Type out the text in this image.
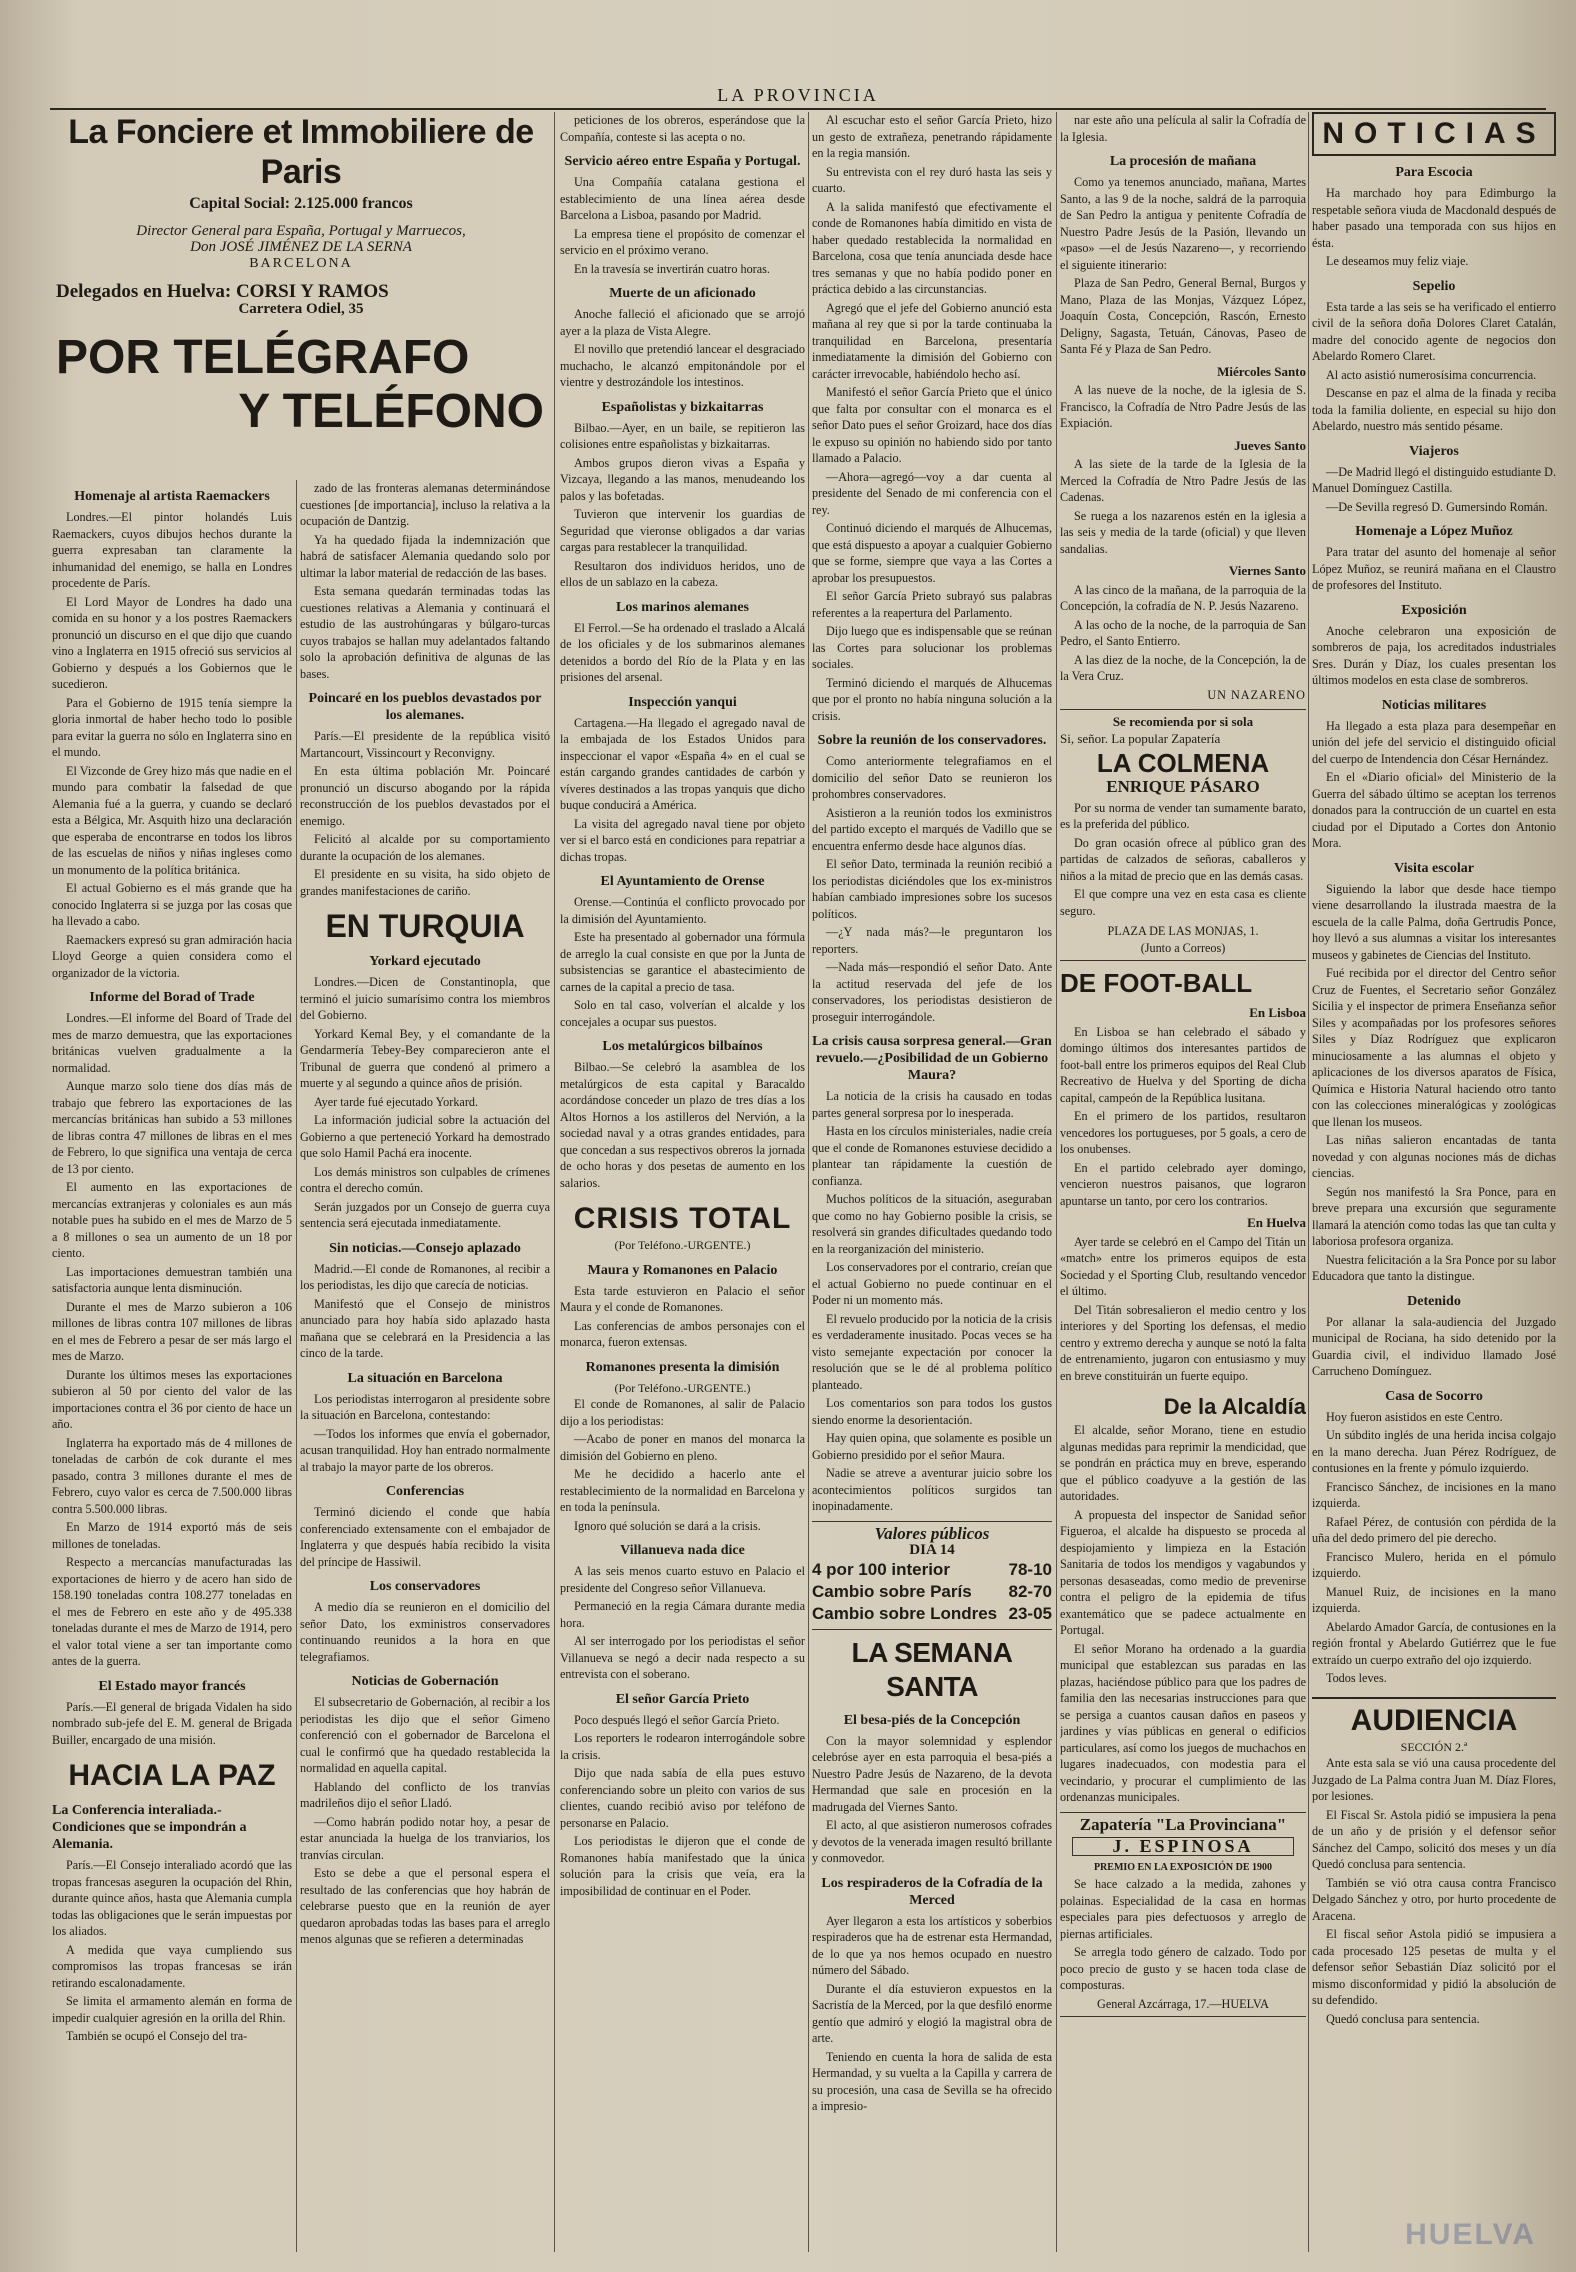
LA PROVINCIA
La Fonciere et Immobiliere de Paris
Capital Social: 2.125.000 francos
Director General para España, Portugal y Marruecos,
Don JOSÉ JIMÉNEZ DE LA SERNA
BARCELONA
Delegados en Huelva: CORSI Y RAMOS
Carretera Odiel, 35
POR TELÉGRAFO
Y TELÉFONO
Homenaje al artista Raemackers

Londres.—El pintor holandés Luis Raemackers, cuyos dibujos hechos durante la guerra expresaban tan claramente la inhumanidad del enemigo, se halla en Londres procedente de París.

El Lord Mayor de Londres ha dado una comida en su honor y a los postres Raemackers pronunció un discurso en el que dijo que cuando vino a Inglaterra en 1915 ofreció sus servicios al Gobierno y después a los Gobiernos que le sucedieron.

Para el Gobierno de 1915 tenía siempre la gloria inmortal de haber hecho todo lo posible para evitar la guerra no sólo en Inglaterra sino en el mundo.

El Vizconde de Grey hizo más que nadie en el mundo para combatir la falsedad de que Alemania fué a la guerra, y cuando se declaró esta a Bélgica, Mr. Asquith hizo una declaración que esperaba de encontrarse en todos los libros de las escuelas de niños y niñas ingleses como un monumento de la política británica.

El actual Gobierno es el más grande que ha conocido Inglaterra si se juzga por las cosas que ha llevado a cabo.

Raemackers expresó su gran admiración hacia Lloyd George a quien considera como el organizador de la victoria.

Informe del Borad of Trade

Londres.—El informe del Board of Trade del mes de marzo demuestra, que las exportaciones británicas vuelven gradualmente a la normalidad.

Aunque marzo solo tiene dos días más de trabajo que febrero las exportaciones de las mercancías británicas han subido a 53 millones de libras contra 47 millones de libras en el mes de Febrero, lo que significa una ventaja de cerca de 13 por ciento.

El aumento en las exportaciones de mercancías extranjeras y coloniales es aun más notable pues ha subido en el mes de Marzo de 5 a 8 millones o sea un aumento de un 18 por ciento.

Las importaciones demuestran también una satisfactoria aunque lenta disminución.

Durante el mes de Marzo subieron a 106 millones de libras contra 107 millones de libras en el mes de Febrero a pesar de ser más largo el mes de Marzo.

Durante los últimos meses las exportaciones subieron al 50 por ciento del valor de las importaciones contra el 36 por ciento de hace un año.

Inglaterra ha exportado más de 4 millones de toneladas de carbón de cok durante el mes pasado, contra 3 millones durante el mes de Febrero, cuyo valor es cerca de 7.500.000 libras contra 5.500.000 libras.

En Marzo de 1914 exportó más de seis millones de toneladas.

Respecto a mercancías manufacturadas las exportaciones de hierro y de acero han sido de 158.190 toneladas contra 108.277 toneladas en el mes de Febrero en este año y de 495.338 toneladas durante el mes de Marzo de 1914, pero el valor total viene a ser tan importante como antes de la guerra.

El Estado mayor francés

París.—El general de brigada Vidalen ha sido nombrado sub-jefe del E. M. general de Brigada Builler, encargado de una misión.

HACIA LA PAZ
La Conferencia interaliada.-Condiciones que se impondrán a Alemania.

París.—El Consejo interaliado acordó que las tropas francesas aseguren la ocupación del Rhin, durante quince años, hasta que Alemania cumpla todas las obligaciones que le serán impuestas por los aliados.

A medida que vaya cumpliendo sus compromisos las tropas francesas se irán retirando escalonadamente.

Se limita el armamento alemán en forma de impedir cualquier agresión en la orilla del Rhin.

También se ocupó el Consejo del tra-

zado de las fronteras alemanas determinándose cuestiones [de importancia], incluso la relativa a la ocupación de Dantzig.

Ya ha quedado fijada la indemnización que habrá de satisfacer Alemania quedando solo por ultimar la labor material de redacción de las bases.

Esta semana quedarán terminadas todas las cuestiones relativas a Alemania y continuará el estudio de las austrohúngaras y búlgaro-turcas cuyos trabajos se hallan muy adelantados faltando solo la aprobación definitiva de algunas de las bases.

Poincaré en los pueblos devastados por los alemanes.

París.—El presidente de la república visitó Martancourt, Vissincourt y Reconvigny.

En esta última población Mr. Poincaré pronunció un discurso abogando por la rápida reconstrucción de los pueblos devastados por el enemigo.

Felicitó al alcalde por su comportamiento durante la ocupación de los alemanes.

El presidente en su visita, ha sido objeto de grandes manifestaciones de cariño.

EN TURQUIA
Yorkard ejecutado

Londres.—Dicen de Constantinopla, que terminó el juicio sumarísimo contra los miembros del Gobierno.

Yorkard Kemal Bey, y el comandante de la Gendarmería Tebey-Bey comparecieron ante el Tribunal de guerra que condenó al primero a muerte y al segundo a quince años de prisión.

Ayer tarde fué ejecutado Yorkard.

La información judicial sobre la actuación del Gobierno a que perteneció Yorkard ha demostrado que solo Hamil Pachá era inocente.

Los demás ministros son culpables de crímenes contra el derecho común.

Serán juzgados por un Consejo de guerra cuya sentencia será ejecutada inmediatamente.

Sin noticias.—Consejo aplazado

Madrid.—El conde de Romanones, al recibir a los periodistas, les dijo que carecía de noticias.

Manifestó que el Consejo de ministros anunciado para hoy había sido aplazado hasta mañana que se celebrará en la Presidencia a las cinco de la tarde.

La situación en Barcelona

Los periodistas interrogaron al presidente sobre la situación en Barcelona, contestando:

—Todos los informes que envía el gobernador, acusan tranquilidad. Hoy han entrado normalmente al trabajo la mayor parte de los obreros.

Conferencias

Terminó diciendo el conde que había conferenciado extensamente con el embajador de Inglaterra y que después había recibido la visita del príncipe de Hassiwil.

Los conservadores

A medio día se reunieron en el domicilio del señor Dato, los exministros conservadores continuando reunidos a la hora en que telegrafiamos.

Noticias de Gobernación

El subsecretario de Gobernación, al recibir a los periodistas les dijo que el señor Gimeno conferenció con el gobernador de Barcelona el cual le confirmó que ha quedado restablecida la normalidad en aquella capital.

Hablando del conflicto de los tranvías madrileños dijo el señor Lladó.

—Como habrán podido notar hoy, a pesar de estar anunciada la huelga de los tranviarios, los tranvías circulan.

Esto se debe a que el personal espera el resultado de las conferencias que hoy habrán de celebrarse puesto que en la reunión de ayer quedaron aprobadas todas las bases para el arreglo menos algunas que se refieren a determinadas

peticiones de los obreros, esperándose que la Compañía, conteste si las acepta o no.

Servicio aéreo entre España y Portugal.

Una Compañía catalana gestiona el establecimiento de una línea aérea desde Barcelona a Lisboa, pasando por Madrid.

La empresa tiene el propósito de comenzar el servicio en el próximo verano.

En la travesía se invertirán cuatro horas.

Muerte de un aficionado

Anoche falleció el aficionado que se arrojó ayer a la plaza de Vista Alegre.

El novillo que pretendió lancear el desgraciado muchacho, le alcanzó empitonándole por el vientre y destrozándole los intestinos.

Españolistas y bizkaitarras

Bilbao.—Ayer, en un baile, se repitieron las colisiones entre españolistas y bizkaitarras.

Ambos grupos dieron vivas a España y Vizcaya, llegando a las manos, menudeando los palos y las bofetadas.

Tuvieron que intervenir los guardias de Seguridad que vieronse obligados a dar varias cargas para restablecer la tranquilidad.

Resultaron dos individuos heridos, uno de ellos de un sablazo en la cabeza.

Los marinos alemanes

El Ferrol.—Se ha ordenado el traslado a Alcalá de los oficiales y de los submarinos alemanes detenidos a bordo del Río de la Plata y en las prisiones del arsenal.

Inspección yanqui

Cartagena.—Ha llegado el agregado naval de la embajada de los Estados Unidos para inspeccionar el vapor «España 4» en el cual se están cargando grandes cantidades de carbón y víveres destinados a las tropas yanquis que dicho buque conducirá a América.

La visita del agregado naval tiene por objeto ver si el barco está en condiciones para repatriar a dichas tropas.

El Ayuntamiento de Orense

Orense.—Continúa el conflicto provocado por la dimisión del Ayuntamiento.

Este ha presentado al gobernador una fórmula de arreglo la cual consiste en que por la Junta de subsistencias se garantice el abastecimiento de carnes de la capital a precio de tasa.

Solo en tal caso, volverían el alcalde y los concejales a ocupar sus puestos.

Los metalúrgicos bilbaínos

Bilbao.—Se celebró la asamblea de los metalúrgicos de esta capital y Baracaldo acordándose conceder un plazo de tres días a los Altos Hornos a los astilleros del Nervión, a la sociedad naval y a otras grandes entidades, para que concedan a sus respectivos obreros la jornada de ocho horas y dos pesetas de aumento en los salarios.

CRISIS TOTAL
(Por Teléfono.-URGENTE.)
Maura y Romanones en Palacio

Esta tarde estuvieron en Palacio el señor Maura y el conde de Romanones.

Las conferencias de ambos personajes con el monarca, fueron extensas.

Romanones presenta la dimisión
(Por Teléfono.-URGENTE.)

El conde de Romanones, al salir de Palacio dijo a los periodistas:

—Acabo de poner en manos del monarca la dimisión del Gobierno en pleno.

Me he decidido a hacerlo ante el restablecimiento de la normalidad en Barcelona y en toda la península.

Ignoro qué solución se dará a la crisis.

Villanueva nada dice

A las seis menos cuarto estuvo en Palacio el presidente del Congreso señor Villanueva.

Permaneció en la regia Cámara durante media hora.

Al ser interrogado por los periodistas el señor Villanueva se negó a decir nada respecto a su entrevista con el soberano.

El señor García Prieto

Poco después llegó el señor García Prieto.

Los reporters le rodearon interrogándole sobre la crisis.

Dijo que nada sabía de ella pues estuvo conferenciando sobre un pleito con varios de sus clientes, cuando recibió aviso por teléfono de personarse en Palacio.

Los periodistas le dijeron que el conde de Romanones había manifestado que la única solución para la crisis que veía, era la imposibilidad de continuar en el Poder.

Al escuchar esto el señor García Prieto, hizo un gesto de extrañeza, penetrando rápidamente en la regia mansión.

Su entrevista con el rey duró hasta las seis y cuarto.

A la salida manifestó que efectivamente el conde de Romanones había dimitido en vista de haber quedado restablecida la normalidad en Barcelona, cosa que tenía anunciada desde hace tres semanas y que no había podido poner en práctica debido a las circunstancias.

Agregó que el jefe del Gobierno anunció esta mañana al rey que si por la tarde continuaba la tranquilidad en Barcelona, presentaría inmediatamente la dimisión del Gobierno con carácter irrevocable, habiéndolo hecho así.

Manifestó el señor García Prieto que el único que falta por consultar con el monarca es el señor Dato pues el señor Groizard, hace dos días le expuso su opinión no habiendo sido por tanto llamado a Palacio.

—Ahora—agregó—voy a dar cuenta al presidente del Senado de mi conferencia con el rey.

Continuó diciendo el marqués de Alhucemas, que está dispuesto a apoyar a cualquier Gobierno que se forme, siempre que vaya a las Cortes a aprobar los presupuestos.

El señor García Prieto subrayó sus palabras referentes a la reapertura del Parlamento.

Dijo luego que es indispensable que se reúnan las Cortes para solucionar los problemas sociales.

Terminó diciendo el marqués de Alhucemas que por el pronto no había ninguna solución a la crisis.

Sobre la reunión de los conservadores.

Como anteriormente telegrafiamos en el domicilio del señor Dato se reunieron los prohombres conservadores.

Asistieron a la reunión todos los exministros del partido excepto el marqués de Vadillo que se encuentra enfermo desde hace algunos días.

El señor Dato, terminada la reunión recibió a los periodistas diciéndoles que los ex-ministros habían cambiado impresiones sobre los sucesos políticos.

—¿Y nada más?—le preguntaron los reporters.

—Nada más—respondió el señor Dato. Ante la actitud reservada del jefe de los conservadores, los periodistas desistieron de proseguir interrogándole.

La crisis causa sorpresa general.—Gran revuelo.—¿Posibilidad de un Gobierno Maura?

La noticia de la crisis ha causado en todas partes general sorpresa por lo inesperada.

Hasta en los círculos ministeriales, nadie creía que el conde de Romanones estuviese decidido a plantear tan rápidamente la cuestión de confianza.

Muchos políticos de la situación, aseguraban que como no hay Gobierno posible la crisis, se resolverá sin grandes dificultades quedando todo en la reorganización del ministerio.

Los conservadores por el contrario, creían que el actual Gobierno no puede continuar en el Poder ni un momento más.

El revuelo producido por la noticia de la crisis es verdaderamente inusitado. Pocas veces se ha visto semejante expectación por conocer la resolución que se le dé al problema político planteado.

Los comentarios son para todos los gustos siendo enorme la desorientación.

Hay quien opina, que solamente es posible un Gobierno presidido por el señor Maura.

Nadie se atreve a aventurar juicio sobre los acontecimientos políticos surgidos tan inopinadamente.

Valores públicos
DIA 14
4 por 100 interior	78-10
Cambio sobre París 82-70
Cambio sobre Londres 23-05
LA SEMANA SANTA
El besa-piés de la Concepción

Con la mayor solemnidad y esplendor celebróse ayer en esta parroquia el besa-piés a Nuestro Padre Jesús de Nazareno, de la devota Hermandad que sale en procesión en la madrugada del Viernes Santo.

El acto, al que asistieron numerosos cofrades y devotos de la venerada imagen resultó brillante y conmovedor.

Los respiraderos de la Cofradía de la Merced

Ayer llegaron a esta los artísticos y soberbios respiraderos que ha de estrenar esta Hermandad, de lo que ya nos hemos ocupado en nuestro número del Sábado.

Durante el día estuvieron expuestos en la Sacristía de la Merced, por la que desfiló enorme gentío que admiró y elogió la magistral obra de arte.

Teniendo en cuenta la hora de salida de esta Hermandad, y su vuelta a la Capilla y carrera de su procesión, una casa de Sevilla se ha ofrecido a impresio-

nar este año una película al salir la Cofradía de la Iglesia.

La procesión de mañana

Como ya tenemos anunciado, mañana, Martes Santo, a las 9 de la noche, saldrá de la parroquia de San Pedro la antigua y penitente Cofradía de Nuestro Padre Jesús de la Pasión, llevando un «paso» —el de Jesús Nazareno—, y recorriendo el siguiente itinerario:

Plaza de San Pedro, General Bernal, Burgos y Mano, Plaza de las Monjas, Vázquez López, Joaquín Costa, Concepción, Rascón, Ernesto Deligny, Sagasta, Tetuán, Cánovas, Paseo de Santa Fé y Plaza de San Pedro.

Miércoles Santo

A las nueve de la noche, de la iglesia de S. Francisco, la Cofradía de Ntro Padre Jesús de las Expiación.

Jueves Santo

A las siete de la tarde de la Iglesia de la Merced la Cofradía de Ntro Padre Jesús de las Cadenas.

Se ruega a los nazarenos estén en la iglesia a las seis y media de la tarde (oficial) y que lleven sandalias.

Viernes Santo

A las cinco de la mañana, de la parroquia de la Concepción, la cofradía de N. P. Jesús Nazareno.

A las ocho de la noche, de la parroquia de San Pedro, el Santo Entierro.

A las diez de la noche, de la Concepción, la de la Vera Cruz.

UN NAZARENO
Se recomienda por si sola
Si, señor. La popular Zapatería
LA COLMENA
ENRIQUE PÁSARO

Por su norma de vender tan sumamente barato, es la preferida del público.

Do gran ocasión ofrece al público gran des partidas de calzados de señoras, caballeros y niños a la mitad de precio que en las demás casas.

El que compre una vez en esta casa es cliente seguro.

PLAZA DE LAS MONJAS, 1.
(Junto a Correos)
DE FOOT-BALL
En Lisboa

En Lisboa se han celebrado el sábado y domingo últimos dos interesantes partidos de foot-ball entre los primeros equipos del Real Club Recreativo de Huelva y del Sporting de dicha capital, campeón de la República lusitana.

En el primero de los partidos, resultaron vencedores los portugueses, por 5 goals, a cero de los onubenses.

En el partido celebrado ayer domingo, vencieron nuestros paisanos, que lograron apuntarse un tanto, por cero los contrarios.

En Huelva

Ayer tarde se celebró en el Campo del Titán un «match» entre los primeros equipos de esta Sociedad y el Sporting Club, resultando vencedor el último.

Del Titán sobresalieron el medio centro y los interiores y del Sporting los defensas, el medio centro y extremo derecha y aunque se notó la falta de entrenamiento, jugaron con entusiasmo y muy en breve constituirán un fuerte equipo.

De la Alcaldía

El alcalde, señor Morano, tiene en estudio algunas medidas para reprimir la mendicidad, que se pondrán en práctica muy en breve, esperando que el público coadyuve a la gestión de las autoridades.

A propuesta del inspector de Sanidad señor Figueroa, el alcalde ha dispuesto se proceda al despiojamiento y limpieza en la Estación Sanitaria de todos los mendigos y vagabundos y personas desaseadas, como medio de prevenirse contra el peligro de la epidemia de tifus exantemático que se padece actualmente en Portugal.

El señor Morano ha ordenado a la guardia municipal que establezcan sus paradas en las plazas, haciéndose público para que los padres de familia den las necesarias instrucciones para que se persiga a cuantos causan daños en paseos y jardines y vías públicas en general o edificios particulares, así como los juegos de muchachos en lugares inadecuados, con modestia para el vecindario, y procurar el cumplimiento de las ordenanzas municipales.

Zapatería "La Provinciana"
J. ESPINOSA
PREMIO EN LA EXPOSICIÓN DE 1900

Se hace calzado a la medida, zahones y polainas. Especialidad de la casa en hormas especiales para pies defectuosos y arreglo de piernas artificiales.

Se arregla todo género de calzado. Todo por poco precio de gusto y se hacen toda clase de composturas.

General Azcárraga, 17.—HUELVA
NOTICIAS
Para Escocia

Ha marchado hoy para Edimburgo la respetable señora viuda de Macdonald después de haber pasado una temporada con sus hijos en ésta.

Le deseamos muy feliz viaje.

Sepelio

Esta tarde a las seis se ha verificado el entierro civil de la señora doña Dolores Claret Catalán, madre del conocido agente de negocios don Abelardo Romero Claret.

Al acto asistió numerosísima concurrencia.

Descanse en paz el alma de la finada y reciba toda la familia doliente, en especial su hijo don Abelardo, nuestro más sentido pésame.

Viajeros

—De Madrid llegó el distinguido estudiante D. Manuel Domínguez Castilla.

—De Sevilla regresó D. Gumersindo Román.

Homenaje a López Muñoz

Para tratar del asunto del homenaje al señor López Muñoz, se reunirá mañana en el Claustro de profesores del Instituto.

Exposición

Anoche celebraron una exposición de sombreros de paja, los acreditados industriales Sres. Durán y Díaz, los cuales presentan los últimos modelos en esta clase de sombreros.

Noticias militares

Ha llegado a esta plaza para desempeñar en unión del jefe del servicio el distinguido oficial del cuerpo de Intendencia don César Hernández.

En el «Diario oficial» del Ministerio de la Guerra del sábado último se aceptan los terrenos donados para la contrucción de un cuartel en esta ciudad por el Diputado a Cortes don Antonio Mora.

Visita escolar

Siguiendo la labor que desde hace tiempo viene desarrollando la ilustrada maestra de la escuela de la calle Palma, doña Gertrudis Ponce, hoy llevó a sus alumnas a visitar los interesantes museos y gabinetes de Ciencias del Instituto.

Fué recibida por el director del Centro señor Cruz de Fuentes, el Secretario señor González Sicilia y el inspector de primera Enseñanza señor Siles y acompañadas por los profesores señores Siles y Díaz Rodríguez que explicaron minuciosamente a las alumnas el objeto y aplicaciones de los diversos aparatos de Física, Química e Historia Natural haciendo otro tanto con las colecciones mineralógicas y zoológicas que llenan los museos.

Las niñas salieron encantadas de tanta novedad y con algunas nociones más de dichas ciencias.

Según nos manifestó la Sra Ponce, para en breve prepara una excursión que seguramente llamará la atención como todas las que tan culta y laboriosa profesora organiza.

Nuestra felicitación a la Sra Ponce por su labor Educadora que tanto la distingue.

Detenido

Por allanar la sala-audiencia del Juzgado municipal de Rociana, ha sido detenido por la Guardia civil, el individuo llamado José Carrucheno Domínguez.

Casa de Socorro

Hoy fueron asistidos en este Centro.

Un súbdito inglés de una herida incisa colgajo en la mano derecha. Juan Pérez Rodríguez, de contusiones en la frente y pómulo izquierdo.

Francisco Sánchez, de incisiones en la mano izquierda.

Rafael Pérez, de contusión con pérdida de la uña del dedo primero del pie derecho.

Francisco Mulero, herida en el pómulo izquierdo.

Manuel Ruiz, de incisiones en la mano izquierda.

Abelardo Amador García, de contusiones en la región frontal y Abelardo Gutiérrez que le fue extraído un cuerpo extraño del ojo izquierdo.

Todos leves.

AUDIENCIA
SECCIÓN 2.ª

Ante esta sala se vió una causa procedente del Juzgado de La Palma contra Juan M. Díaz Flores, por lesiones.

El Fiscal Sr. Astola pidió se impusiera la pena de un año y de prisión y el defensor señor Sánchez del Campo, solicitó dos meses y un día Quedó conclusa para sentencia.

También se vió otra causa contra Francisco Delgado Sánchez y otro, por hurto procedente de Aracena.

El fiscal señor Astola pidió se impusiera a cada procesado 125 pesetas de multa y el defensor señor Sebastián Díaz solicitó por el mismo disconformidad y pidió la absolución de su defendido.

Quedó conclusa para sentencia.

HUELVA
